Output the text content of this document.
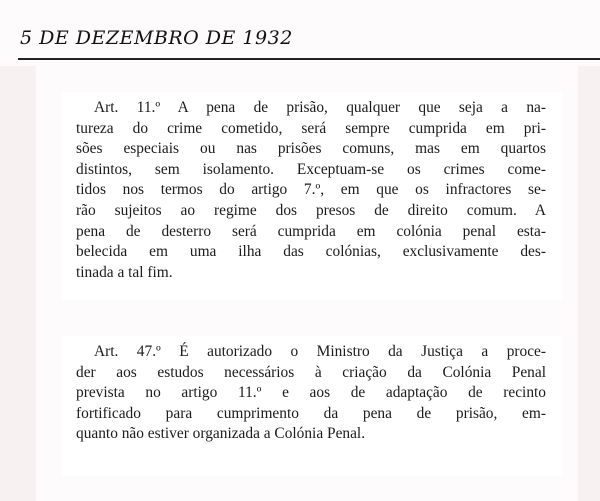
5 DE DEZEMBRO DE 1932

Art. 11.º A pena de prisão, qualquer que seja a na-
tureza do crime cometido, será sempre cumprida em pri-
sões especiais ou nas prisões comuns, mas em quartos
distintos, sem isolamento. Exceptuam-se os crimes come-
tidos nos termos do artigo 7.º, em que os infractores se-
rão sujeitos ao regime dos presos de direito comum. A
pena de desterro será cumprida em colónia penal esta-
belecida em uma ilha das colónias, exclusivamente des-
tinada a tal fim.

Art. 47.º É autorizado o Ministro da Justiça a proce-
der aos estudos necessários à criação da Colónia Penal
prevista no artigo 11.º e aos de adaptação de recinto
fortificado para cumprimento da pena de prisão, em-
quanto não estiver organizada a Colónia Penal.
